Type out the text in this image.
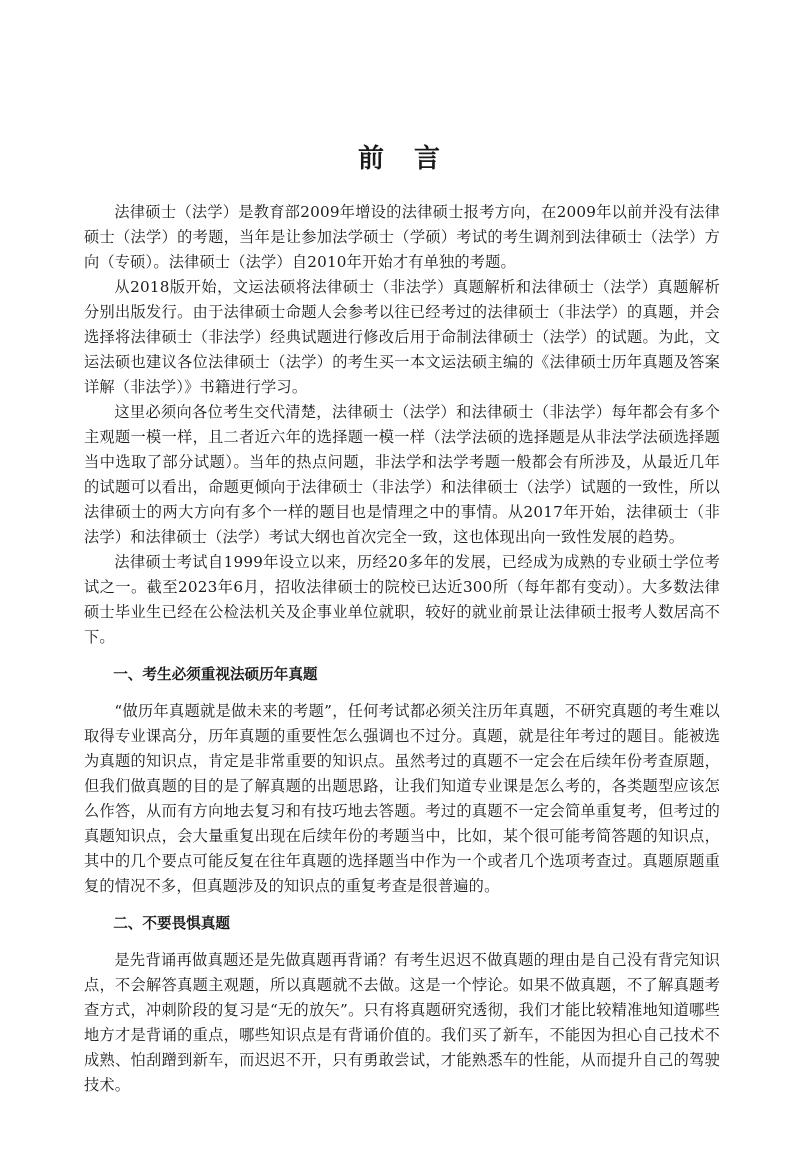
前　言

法律硕士（法学）是教育部2009年增设的法律硕士报考方向，在2009年以前并没有法律硕士（法学）的考题，当年是让参加法学硕士（学硕）考试的考生调剂到法律硕士（法学）方向（专硕）。法律硕士（法学）自2010年开始才有单独的考题。

从2018版开始，文运法硕将法律硕士（非法学）真题解析和法律硕士（法学）真题解析分别出版发行。由于法律硕士命题人会参考以往已经考过的法律硕士（非法学）的真题，并会选择将法律硕士（非法学）经典试题进行修改后用于命制法律硕士（法学）的试题。为此，文运法硕也建议各位法律硕士（法学）的考生买一本文运法硕主编的《法律硕士历年真题及答案详解（非法学）》书籍进行学习。

这里必须向各位考生交代清楚，法律硕士（法学）和法律硕士（非法学）每年都会有多个主观题一模一样，且二者近六年的选择题一模一样（法学法硕的选择题是从非法学法硕选择题当中选取了部分试题）。当年的热点问题，非法学和法学考题一般都会有所涉及，从最近几年的试题可以看出，命题更倾向于法律硕士（非法学）和法律硕士（法学）试题的一致性，所以法律硕士的两大方向有多个一样的题目也是情理之中的事情。从2017年开始，法律硕士（非法学）和法律硕士（法学）考试大纲也首次完全一致，这也体现出向一致性发展的趋势。

法律硕士考试自1999年设立以来，历经20多年的发展，已经成为成熟的专业硕士学位考试之一。截至2023年6月，招收法律硕士的院校已达近300所（每年都有变动）。大多数法律硕士毕业生已经在公检法机关及企事业单位就职，较好的就业前景让法律硕士报考人数居高不下。

一、考生必须重视法硕历年真题

“做历年真题就是做未来的考题”，任何考试都必须关注历年真题，不研究真题的考生难以取得专业课高分，历年真题的重要性怎么强调也不过分。真题，就是往年考过的题目。能被选为真题的知识点，肯定是非常重要的知识点。虽然考过的真题不一定会在后续年份考查原题，但我们做真题的目的是了解真题的出题思路，让我们知道专业课是怎么考的，各类题型应该怎么作答，从而有方向地去复习和有技巧地去答题。考过的真题不一定会简单重复考，但考过的真题知识点，会大量重复出现在后续年份的考题当中，比如，某个很可能考简答题的知识点，其中的几个要点可能反复在往年真题的选择题当中作为一个或者几个选项考查过。真题原题重复的情况不多，但真题涉及的知识点的重复考查是很普遍的。

二、不要畏惧真题

是先背诵再做真题还是先做真题再背诵？有考生迟迟不做真题的理由是自己没有背完知识点，不会解答真题主观题，所以真题就不去做。这是一个悖论。如果不做真题，不了解真题考查方式，冲刺阶段的复习是“无的放矢”。只有将真题研究透彻，我们才能比较精准地知道哪些地方才是背诵的重点，哪些知识点是有背诵价值的。我们买了新车，不能因为担心自己技术不成熟、怕刮蹭到新车，而迟迟不开，只有勇敢尝试，才能熟悉车的性能，从而提升自己的驾驶技术。
